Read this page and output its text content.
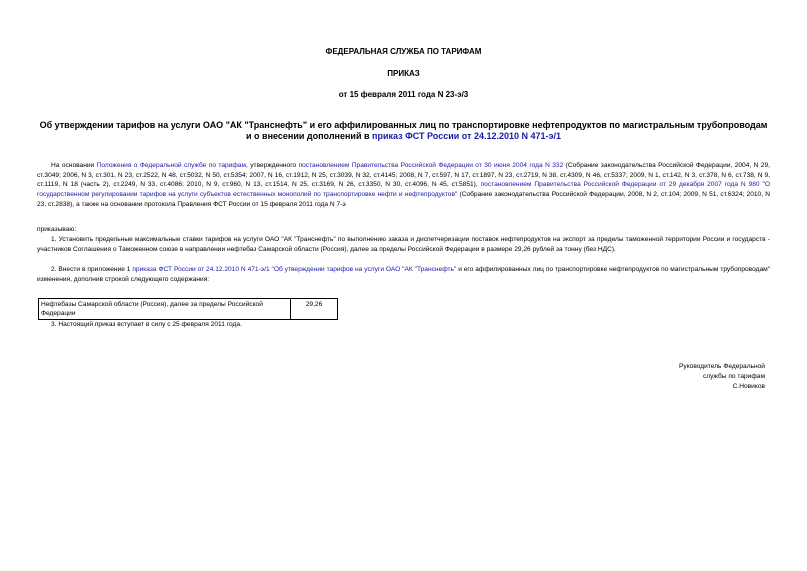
ФЕДЕРАЛЬНАЯ СЛУЖБА ПО ТАРИФАМ
ПРИКАЗ
от 15 февраля 2011 года N 23-э/3
Об утверждении тарифов на услуги ОАО "АК "Транснефть" и его аффилированных лиц по транспортировке нефтепродуктов по магистральным трубопроводам и о внесении дополнений в приказ ФСТ России от 24.12.2010 N 471-э/1
На основании Положения о Федеральной службе по тарифам, утвержденного постановлением Правительства Российской Федерации от 30 июня 2004 года N 332 (Собрание законодательства Российской Федерации, 2004, N 29, ст.3049; 2006, N 3, ст.301, N 23, ст.2522, N 48, ст.5032, N 50, ст.5354; 2007, N 16, ст.1912, N 25, ст.3039, N 32, ст.4145; 2008, N 7, ст.597, N 17, ст.1897, N 23, ст.2719, N 38, ст.4309, N 46, ст.5337; 2009, N 1, ст.142, N 3, ст.378, N 6, ст.738, N 9, ст.1119, N 18 (часть 2), ст.2249, N 33, ст.4086; 2010, N 9, ст.960, N 13, ст.1514, N 25, ст.3169, N 26, ст.3350, N 30, ст.4096, N 45, ст.5851), постановлением Правительства Российской Федерации от 29 декабря 2007 года N 980 "О государственном регулировании тарифов на услуги субъектов естественных монополий по транспортировке нефти и нефтепродуктов" (Собрание законодательства Российской Федерации, 2008, N 2, ст.104; 2009, N 51, ст.6324; 2010, N 23, ст.2838), а также на основании протокола Правления ФСТ России от 15 февраля 2011 года N 7-э
приказываю:
1. Установить предельные максимальные ставки тарифов на услуги ОАО "АК "Транснефть" по выполнению заказа и диспетчеризации поставок нефтепродуктов на экспорт за пределы таможенной территории России и государств - участников Соглашения о Таможенном союзе в направлении нефтебаз Самарской области (Россия), далее за пределы Российской Федерации в размере 29,26 рублей за тонну (без НДС).
2. Внести в приложение 1 приказа ФСТ России от 24.12.2010 N 471-э/1 "Об утверждении тарифов на услуги ОАО "АК "Транснефть" и его аффилированных лиц по транспортировке нефтепродуктов по магистральным трубопроводам" изменения, дополнив строкой следующего содержания:
Нефтебазы Самарской области (Россия), далее за пределы Российской Федерации	29,26
3. Настоящий приказ вступает в силу с 25 февраля 2011 года.
Руководитель Федеральной
службы по тарифам
С.Новиков
